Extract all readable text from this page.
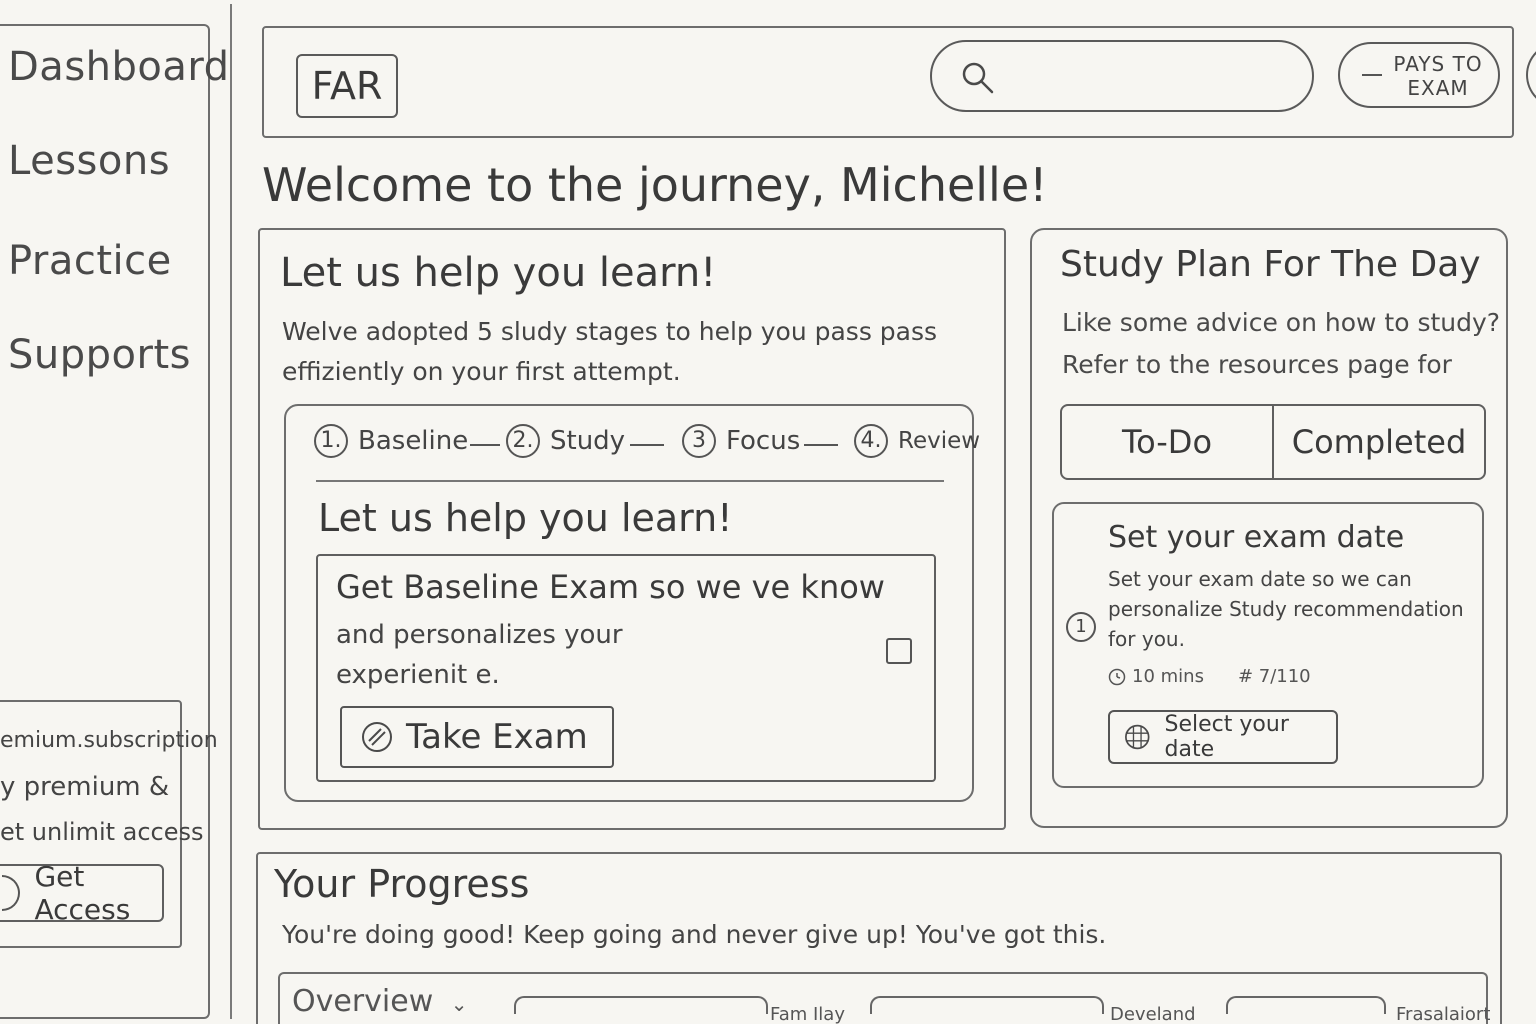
Dashboard
Lessons
Practice
Supports
emium.subscription
y premium &
et unlimit access
Get Access
FAR	PAYS TO
EXAM
Welcome to the journey, Michelle!
Let us help you learn!
Welve adopted 5 sludy stages to help you pass pass
effiziently on your first attempt.
1. Baseline 2. Study	3 Focus	4. Review
Let us help you learn!
Get Baseline Exam so we ve know
and personalizes your
experienit e.
Take Exam
Study Plan For The Day
Like some advice on how to study?
Refer to the resources page for
To-Do	Completed
1
Set your exam date
Set your exam date so we can personalize Study recommendation for you.
10 mins # 7/110
Select your date
Your Progress
You're doing good! Keep going and never give up! You've got this.
Overview ⌄	Fam Ilay	Develand	Frasalaiort
